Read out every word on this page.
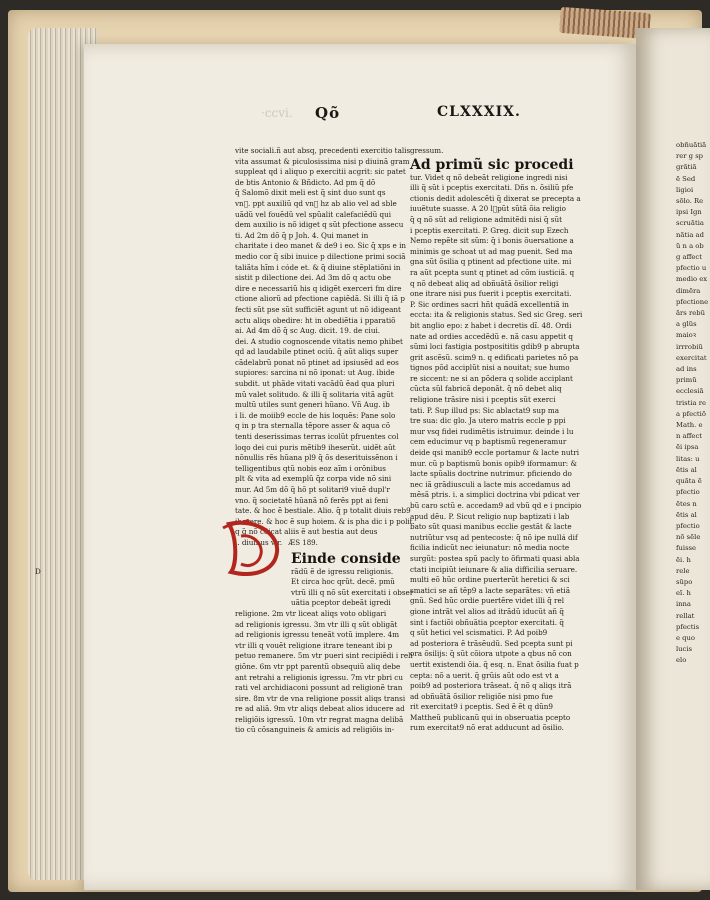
·ccvi. Qõ	CLXXXIX.
vite sociali.ñ aut absq, precedenti exercitio talis
vita assumat & piculosissima nisi p diuinã gram
suppleat qd i aliquo p exercitii acgrit: sic patet
de btis Antonio & Bñdicto. Ad pm q̃ dõ
q̃ Salomõ dixit meli est q̃ sint duo sunt qs
vnᷓ. ppt auxiliũ qd vnᷓ hz ab alio vel ad sble
uãdũ vel fouẽdũ vel spũalit calefaciẽdũ qui
dem auxilio is nõ idiget q sũt pfectione assecu
ti. Ad 2m dõ q̃ p Joh. 4. Qui manet in
charitate i deo manet & de9 i eo. Sic q̃ xps e in
medio cor q̃ sibi inuice p dilectione primi sociã
taliãta hĩm i códe et. & q̃ diuine stẽplatiõni in
sistit p dilectione dei. Ad 3m dõ q actu obe
dire e necessariũ his q idigẽt exerceri fm dire
ctione aliorũ ad pfectione capiẽdã. Si illi q̃ iã p
fecti sũt pse sũt sufficiẽt agunt ut nõ idigeant
actu aliqs obedire: ht in obediẽtia i pparatiõ
ai. Ad 4m dõ q̃ sc Aug. dicit. 19. de ciui.
dei. A studio cognoscende vitatis nemo phibet
qd ad laudabile ptinet ociũ. q̃ aũt aliqs super
cãdelabrũ ponat nõ ptinet ad ipsiusẽd ad eos
supiores: sarcina ni nõ iponat: ut Aug. ibide
subdit. ut phãde vitati vacãdũ ẽad qua pluri
mũ valet solitudo. & illi q̃ solitaria vitã agũt
multũ utiles sunt generi hũano. Vñ Aug. ib
i li. de moiib9 eccle de his loquẽs: Pane solo
q in p tra sternalla tẽpore asser & aqua cõ
tenti deserissimas terras icolũt pfruentes col
loqo dei cui puris mẽtib9 iheserũt. uidẽt aũt
nõnullis rẽs hũana pl9 q̃ õs deserituissẽnon i
telligentibus qtũ nobis eoz aĩm i orõnibus
plt & vita ad exemplũ q̃z corpa vide nõ sini
mur. Ad 5m dõ q̃ hõ pt solitari9 viuẽ dupl'r
vno. q̃ societatẽ hũanã nõ ferẽs ppt ai feni
tate. & hoc ẽ bestiale. Alio. q̃ p totalit diuis reb9
iherere. & hoc ẽ sup hoiem. & is pha dic i p polit.
q q̃ nõ cõicat aliis ẽ aut bestia aut deus
i. diuinus vir. ÆS 189.
Einde conside
D	rãdũ ẽ de igressu religionis.
Et circa hoc qrũt. decẽ. pmũ
vtrũ illi q nõ sũt exercitati i obser
uãtia pceptor debeãt igredi
religione. 2m vtr liceat aliqs voto obligari
ad religionis igressu. 3m vtr illi q sũt obligãt
ad religionis igressu teneãt votũ implere. 4m
vtr illi q vouẽt religione itrare teneant ibi p
petuo remanere. 5m vtr pueri sint recipiẽdi i reli
giõne. 6m vtr ppt parentũ obsequiũ aliq debe
ant retrahi a religionis igressu. 7m vtr pbri cu
rati vel archidiaconi possunt ad religionẽ tran
sire. 8m vtr de vna religione possit aliqs transi
re ad aliã. 9m vtr aliqs debeat alios iducere ad
religiõis igressũ. 10m vtr regrat magna delibã
tio cũ cõsanguineis & amicis ad religiõis in-
gressum.
Ad primũ sic procedi
tur. Videt q nõ debeãt religione ingredi nisi
illi q̃ sũt i pceptis exercitati. Dñs n. õsiliũ pfe
ctionis dedit adolescẽti q̃ dixerat se precepta a
iuuẽtute suasse. A 20 lᷓpũt sũtã õia religio
q̃ q nõ sũt ad religione admitẽdi nisi q̃ sũt
i pceptis exercitati. P. Greg. dicit sup Ezech
Nemo repẽte sit sũm: q̃ i bonis õuersatione a
minimis ge schoat ut ad mag puenit. Sed ma
gna sũt õsilia q ptinent ad pfectione uite. mi
ra aũt pcepta sunt q ptinet ad cõm iusticiã. q
q nõ debeat aliq ad obñuãtã õsilior religi
one itrare nisi pus fuerit i pceptis exercitati.
P. Sic ordines sacri hñt quãdã excellentiã in
eccta: ita & religionis status. Sed sic Greg. seri
bit anglio epo: z habet i decretis dĩ. 48. Ordi
nate ad ordies accedẽdũ e. nã casu appetit q
sũmi loci fastigia postposititis gdib9 p abrupta
grit ascẽsũ. scim9 n. q edificati parietes nõ pa
tignos põd acciplũt nisi a nouitat; sue humo
re siccent: ne si an põdera q solide acciplant
cũcta sũl fabricã deponãt. q̃ nõ debet aliq
religione trãsire nisi i pceptis sũt exerci
tati. P. Sup illud ps: Sic ablactat9 sup ma
tre sua: dic glo. Ja utero matris eccle p ppi
mur vsq fidei rudimẽtis istruimur. deinde i lu
cem educimur vq p baptismũ regeneramur
deide qsi manib9 eccle portamur & lacte nutri
mur. cũ p baptismũ bonis opib9 iformamur: &
lacte spũalis doctrine nutrimur. pficiendo do
nec iã grãdiusculi a lacte mis accedamus ad
mẽsã ptris. i. a simplici doctrina vbi pdicat ver
bũ caro sctũ e. accedam9 ad vbũ qd e i pncipio
apud dẽu. P. Sicut religio nup baptizati i lab
bato sũt quasi manibus ecclie gestãt & lacte
nutriũtur vsq ad pentecoste: q̃ nõ ipe nullá dif
ficilia indicũt nec ieiunatur: nõ media nocte
surgũt: postea spũ pacly to õfirmati quasi abla
ctati incipiũt ieiunare & alia difficilia seruare.
multi eõ hũc ordine puerterũt heretici & sci
smatici se añ tẽp9 a lacte separãtes: vñ etiã
gnũ. Sed hũc ordie puertẽre videt illi q̃ rel
gione intrãt vel alios ad itrãdũ iducũt añ q̃
sint i factiõi obñuãtia pceptor exercitati. q̃
q sũt hetici vel scismatici. P. Ad poib9
ad posteriora ẽ trãsẽudũ. Sed pcepta sunt pi
ora õsilijs: q̃ sũt cõiora utpote a qbus nõ con
uertit existendi õia. q̃ esq. n. Enat õsilia fuat p
cepta: nõ a uerit. q̃ grũis aũt odo est vt a
poib9 ad posteriora trãseat. q̃ nõ q aliqs itrã
ad obñuãtã õsilior religiõe nisi pmo fue
rit exercitat9 i pceptis. Sed ẽ ẽt q dũn9
Mattheũ publicanũ qui in obseruatia pcepto
rum exercitat9 nõ erat adducunt ad õsilio.
obñuãtiã
rer g sp
grãtiã
ẽ Sed
ligioi
sõlo. Re
ipsi Ign
scruãtia
nãtia ad
ũ n a ob
g affect
pfectio u
medio ex
dimẽra
pfectione
ãrs rebũ
a glũs
maioꝛ
irrrobiũ
exercitat
ad ins
primũ
ecclesiã
tristia re
a pfectiõ
Math. e
n affect
ẽi ipsa
litas: u
ẽtis al
quãta ẽ
pfectio
ẽtes n
ẽtis al
pfectio
nõ sẽle
fuisse
ẽi. h
rele
sũpo
eĩ. h
inna
rellat
pfectis
e quo
lucis
elo
